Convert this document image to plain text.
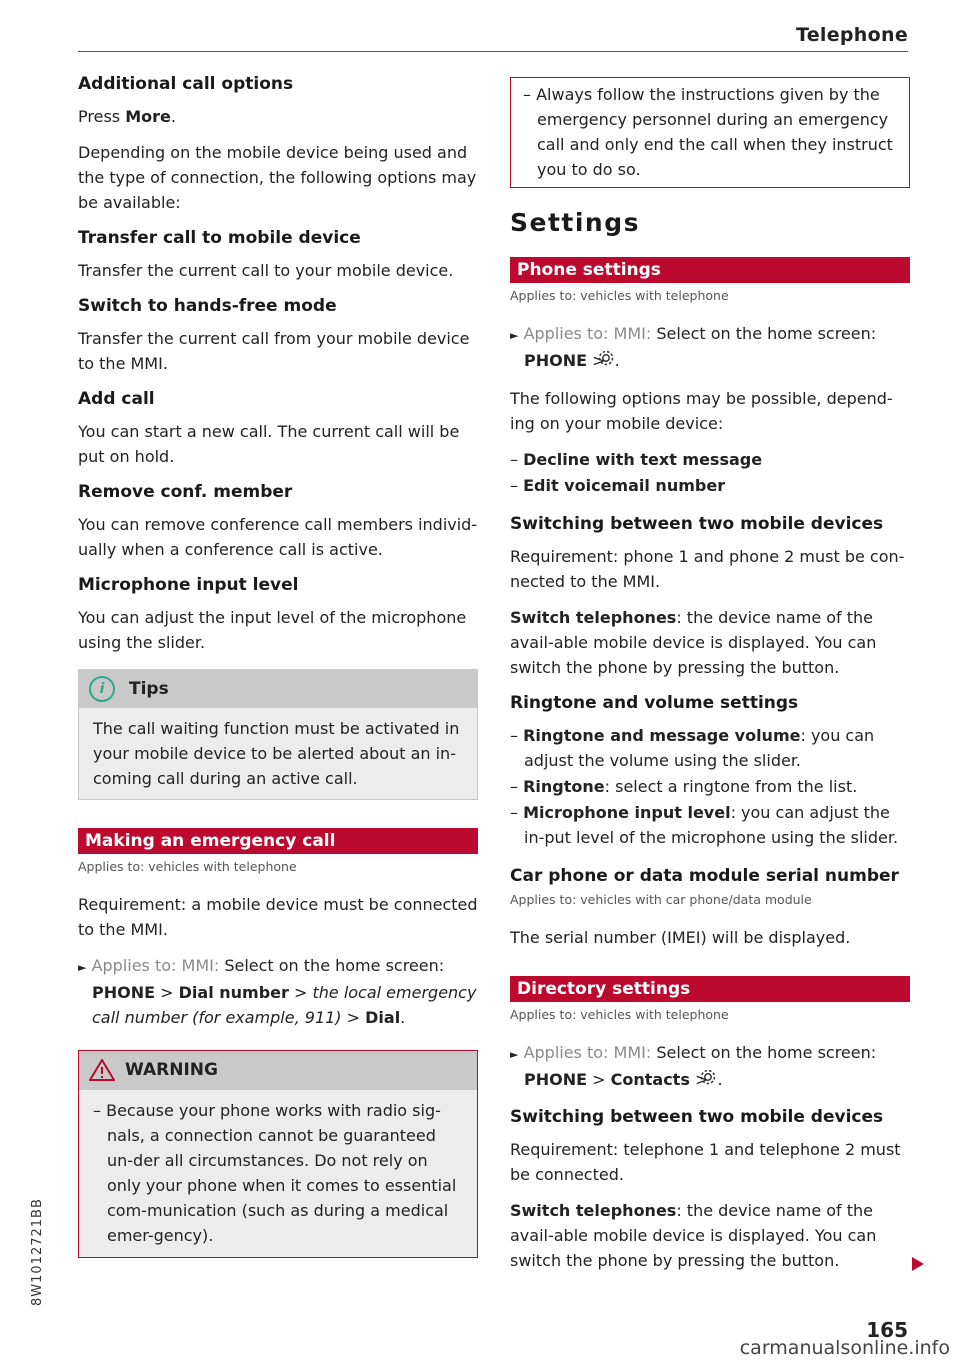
Telephone
Additional call options
Press More.
Depending on the mobile device being used and the type of connection, the following options may be available:
Transfer call to mobile device
Transfer the current call to your mobile device.
Switch to hands-free mode
Transfer the current call from your mobile device to the MMI.
Add call
You can start a new call. The current call will be put on hold.
Remove conf. member
You can remove conference call members individ-ually when a conference call is active.
Microphone input level
You can adjust the input level of the microphone using the slider.
i	Tips
The call waiting function must be activated in your mobile device to be alerted about an in-coming call during an active call.
Making an emergency call
Applies to: vehicles with telephone
Requirement: a mobile device must be connected to the MMI.
► Applies to: MMI: Select on the home screen: PHONE > Dial number > the local emergency call number (for example, 911) > Dial.
WARNING
– Because your phone works with radio sig-nals, a connection cannot be guaranteed un-der all circumstances. Do not rely on only your phone when it comes to essential com-munication (such as during a medical emer-gency).
– Always follow the instructions given by the emergency personnel during an emergency call and only end the call when they instruct you to do so.
Settings
Phone settings
Applies to: vehicles with telephone
► Applies to: MMI: Select on the home screen: PHONE > .
The following options may be possible, depend-ing on your mobile device:
– Decline with text message
– Edit voicemail number
Switching between two mobile devices
Requirement: phone 1 and phone 2 must be con-nected to the MMI.
Switch telephones: the device name of the avail-able mobile device is displayed. You can switch the phone by pressing the button.
Ringtone and volume settings
– Ringtone and message volume: you can adjust the volume using the slider.
– Ringtone: select a ringtone from the list.
– Microphone input level: you can adjust the in-put level of the microphone using the slider.
Car phone or data module serial number
Applies to: vehicles with car phone/data module
The serial number (IMEI) will be displayed.
Directory settings
Applies to: vehicles with telephone
► Applies to: MMI: Select on the home screen: PHONE > Contacts > .
Switching between two mobile devices
Requirement: telephone 1 and telephone 2 must be connected.
Switch telephones: the device name of the avail-able mobile device is displayed. You can switch the phone by pressing the button.
165
8W1012721BB
carmanualsonline.info
